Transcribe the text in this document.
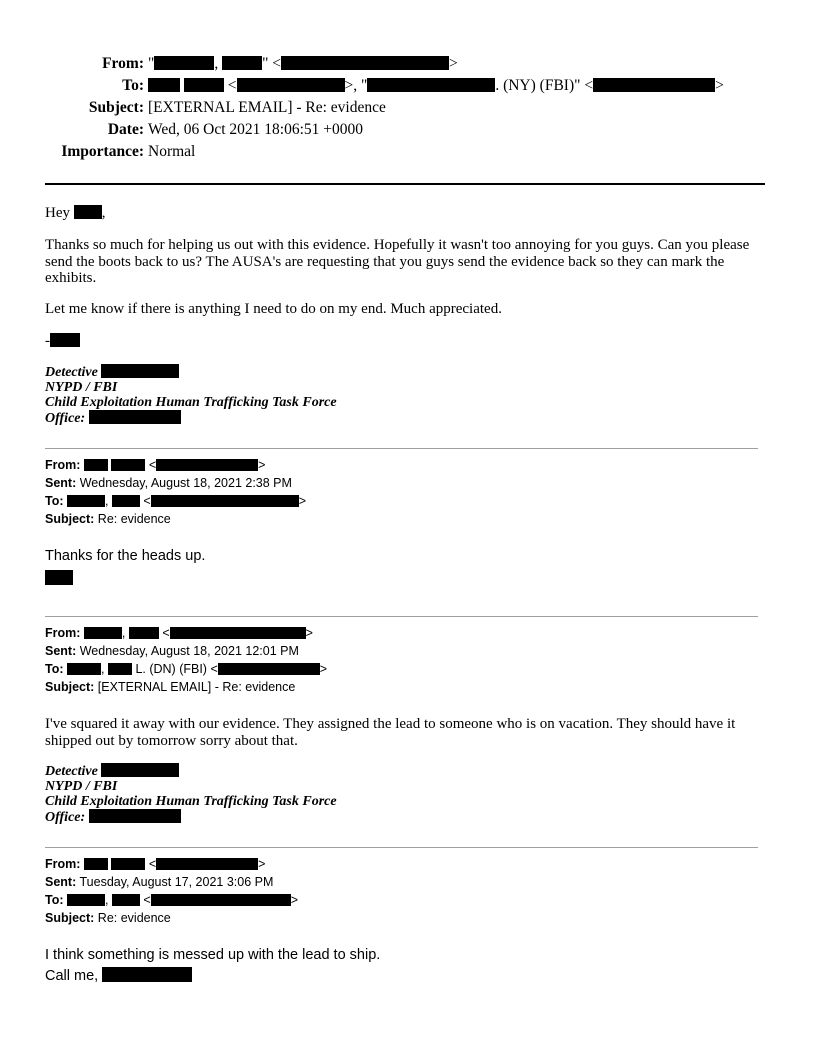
From: "	,	" <	>
To:	<	>, "	. (NY) (FBI)" <	>
Subject: [EXTERNAL EMAIL] - Re: evidence
Date: Wed, 06 Oct 2021 18:06:51 +0000
Importance: Normal
Hey ,
Thanks so much for helping us out with this evidence. Hopefully it wasn't too annoying for you guys. Can you please send the boots back to us? The AUSA's are requesting that you guys send the evidence back so they can mark the exhibits.
Let me know if there is anything I need to do on my end. Much appreciated.
-
Detective
NYPD / FBI
Child Exploitation Human Trafficking Task Force
Office:
From:	<	>
Sent: Wednesday, August 18, 2021 2:38 PM
To:	,  <	>
Subject: Re: evidence
Thanks for the heads up.
From:	,  <	>
Sent: Wednesday, August 18, 2021 12:01 PM
To:	,  L. (DN) (FBI) <	>
Subject: [EXTERNAL EMAIL] - Re: evidence
I've squared it away with our evidence. They assigned the lead to someone who is on vacation. They should have it shipped out by tomorrow sorry about that.
Detective
NYPD / FBI
Child Exploitation Human Trafficking Task Force
Office:
From:	<	>
Sent: Tuesday, August 17, 2021 3:06 PM
To:	,  <	>
Subject: Re: evidence
I think something is messed up with the lead to ship.
Call me,
